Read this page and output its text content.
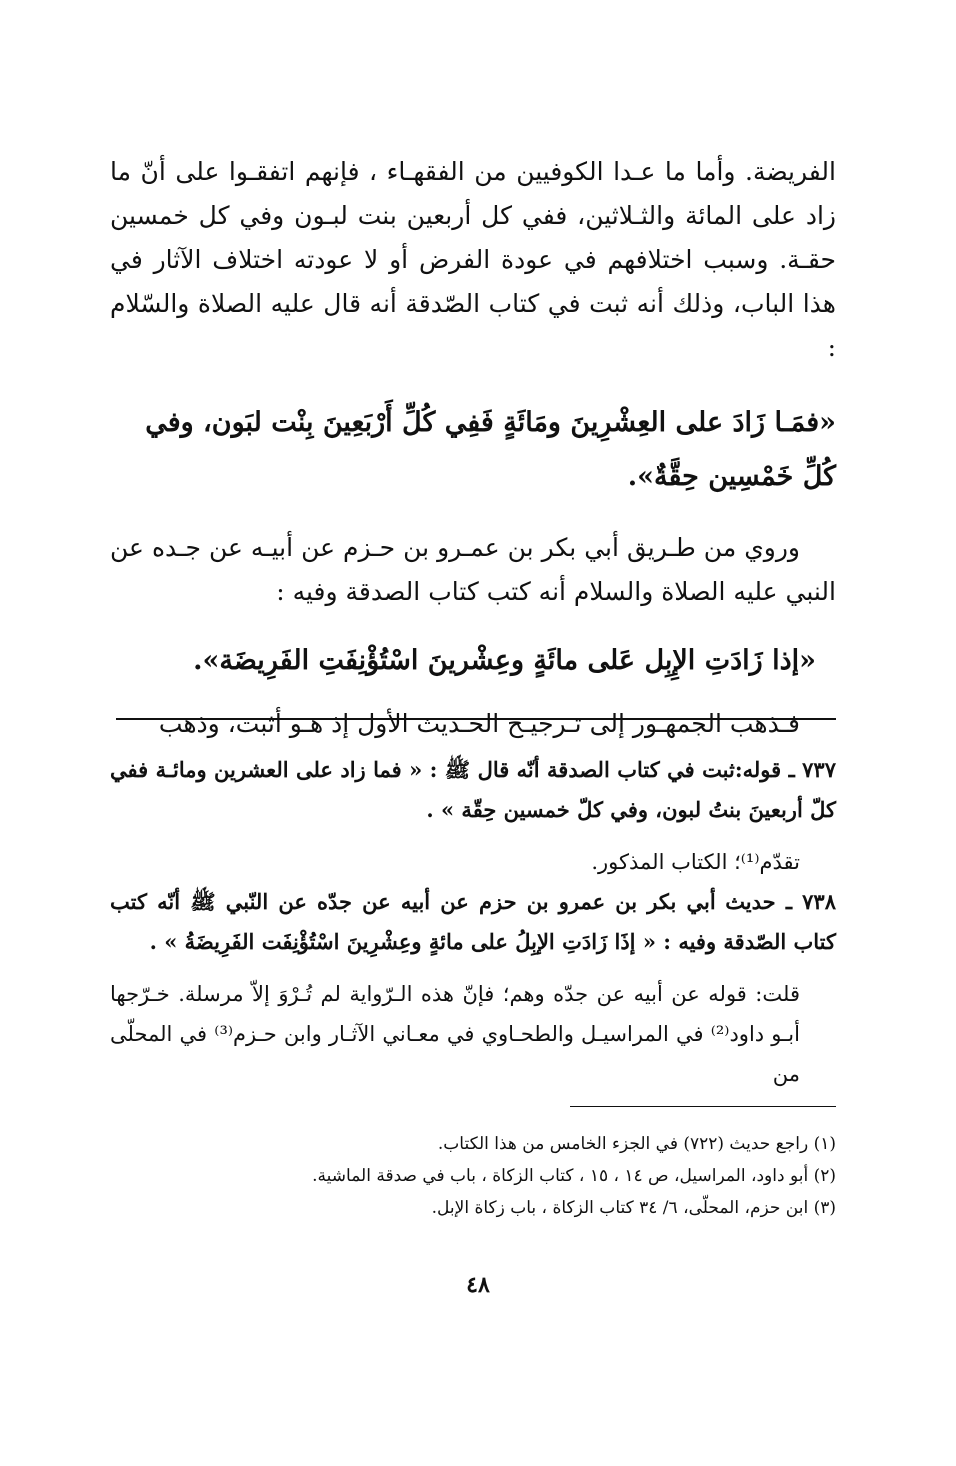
الفريضة. وأما ما عـدا الكوفيين من الفقهـاء ، فإنهم اتفقـوا على أنّ ما زاد على المائة والثـلاثين، ففي كل أربعين بنت لبـون وفي كل خمسين حقـة. وسبب اختلافهم في عودة الفرض أو لا عودته اختلاف الآثار في هذا الباب، وذلك أنه ثبت في كتاب الصّدقة أنه قال عليه الصلاة والسّلام :

«فمَـا زَادَ على العِشْرِينَ ومَائَةٍ فَفِي كُلِّ أَرْبَعِينَ بِنْت لبَون، وفي كُلِّ خَمْسِين حِقَّةٌ».

وروي من طـريق أبي بكر بن عمـرو بن حـزم عن أبيـه عن جـده عن النبي عليه الصلاة والسلام أنه كتب كتاب الصدقة وفيه :

«إذا زَادَتِ الإِبِل عَلى مائَةٍ وعِشْرينَ اسْتُؤْنِفَتِ الفَرِيضَة».

فـذهب الجمهـور إلى تـرجيـح الحـديث الأول إذ هـو أثبت، وذهب

٧٣٧ ـ قوله:ثبت في كتاب الصدقة أنّه قال ﷺ : « فما زاد على العشرين ومائـة ففي كلّ أربعينَ بنتُ لبون، وفي كلّ خمسين حِقّة » .

تقدّم⁽¹⁾؛ الكتاب المذكور.

٧٣٨ ـ حديث أبي بكر بن عمرو بن حزم عن أبيه عن جدّه عن النّبي ﷺ أنّه كتب كتاب الصّدقة وفيه : « إذَا زَادَتِ الإبِلُ على مائةٍ وعِشْرِينَ اسْتُؤْنِفَت الفَرِيضَةُ » .

قلت: قوله عن أبيه عن جدّه وهم؛ فإنّ هذه الـرّواية لم تُـرْوَ إلاّ مرسلة. خـرّجها أبـو داود⁽²⁾ في المراسيـل والطحـاوي في معـاني الآثـار وابن حـزم⁽³⁾ في المحلّى من

(١) راجع حديث (٧٢٢) في الجزء الخامس من هذا الكتاب.

(٢) أبو داود، المراسيل، ص ١٤ ، ١٥ ، كتاب الزكاة ، باب في صدقة الماشية.

(٣) ابن حزم، المحلّى، ٦/ ٣٤ كتاب الزكاة ، باب زكاة الإبل.

٤٨
